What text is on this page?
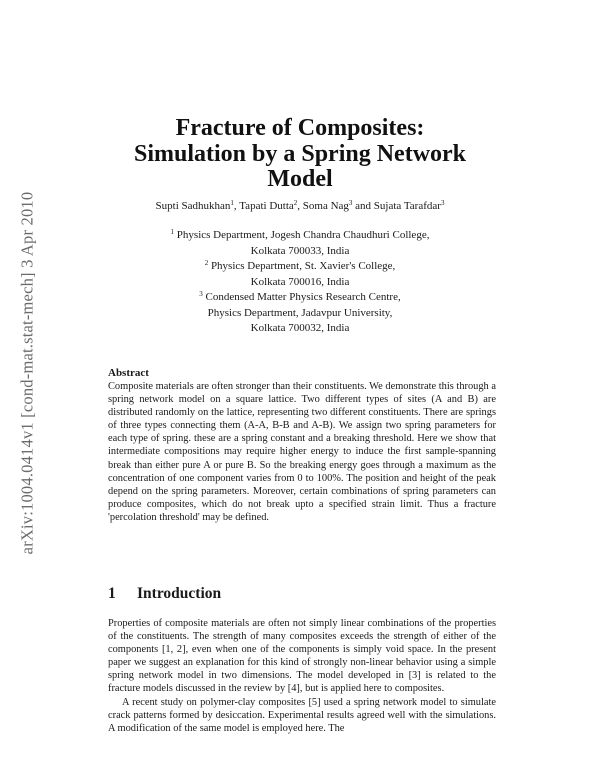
arXiv:1004.0414v1 [cond-mat.stat-mech] 3 Apr 2010
Fracture of Composites:
Simulation by a Spring Network
Model
Supti Sadhukhan$^1$, Tapati Dutta$^2$, Soma Nag$^3$ and Sujata Tarafdar$^3$
$^1$ Physics Department, Jogesh Chandra Chaudhuri College,
Kolkata 700033, India
$^2$ Physics Department, St. Xavier's College,
Kolkata 700016, India
$^3$ Condensed Matter Physics Research Centre,
Physics Department, Jadavpur University,
Kolkata 700032, India
Abstract

Composite materials are often stronger than their constituents. We demonstrate this through a spring network model on a square lattice. Two different types of sites (A and B) are distributed randomly on the lattice, representing two different constituents. There are springs of three types connecting them (A-A, B-B and A-B). We assign two spring parameters for each type of spring. these are a spring constant and a breaking threshold. Here we show that intermediate compositions may require higher energy to induce the first sample-spanning break than either pure A or pure B. So the breaking energy goes through a maximum as the concentration of one component varies from 0 to 100%. The position and height of the peak depend on the spring parameters. Moreover, certain combinations of spring parameters can produce composites, which do not break upto a specified strain limit. Thus a fracture 'percolation threshold' may be defined.

1 Introduction

Properties of composite materials are often not simply linear combinations of the properties of the constituents. The strength of many composites exceeds the strength of either of the components [1, 2], even when one of the components is simply void space. In the present paper we suggest an explanation for this kind of strongly non-linear behavior using a simple spring network model in two dimensions. The model developed in [3] is related to the fracture models discussed in the review by [4], but is applied here to composites.

A recent study on polymer-clay composites [5] used a spring network model to simulate crack patterns formed by desiccation. Experimental results agreed well with the simulations. A modification of the same model is employed here. The
